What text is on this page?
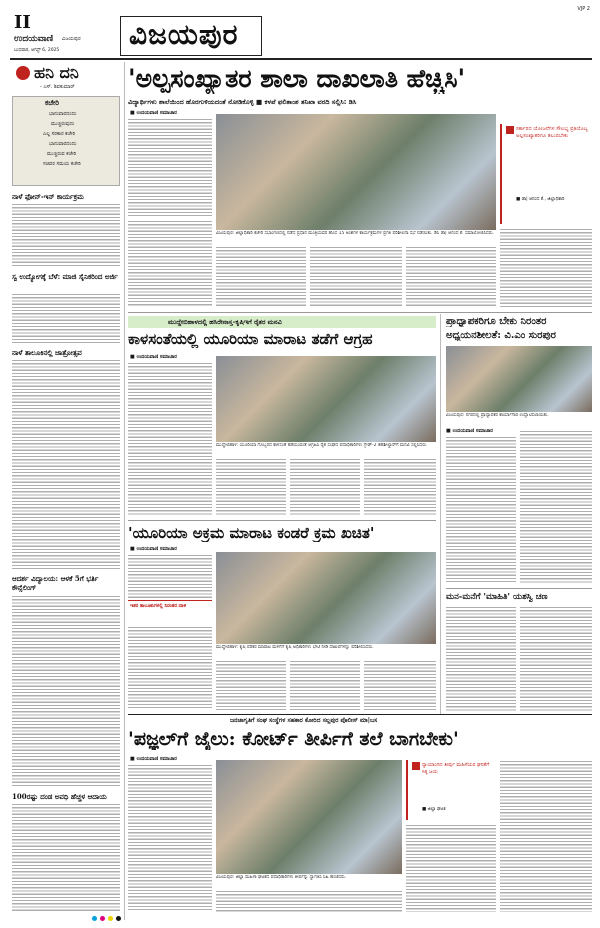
II
ಉದಯವಾಣಿ ವಿಜಯಪುರ
ಬುಧವಾರ, ಆಗಸ್ಟ್ 6, 2025 ವಿಜಯಪುರ
VJP 2
ಹನಿ ದನಿ
- ಎಸ್. ಶಿವಕುಮಾರ್
ಕಚೇರಿ
ಭಾನುವಾರದಂದು
ಮುಚ್ಚಿರುವುದು
ಎಲ್ಲ ಸರಕಾರ ಕಚೇರಿ
ಭಾನುವಾರದಂದು
ಮುಚ್ಚಿರುವ ಕಚೇರಿ
ಸಚಿವರ ಸಮಯ ಕಚೇರಿ
ನಾಳೆ ಫೋನ್-ಇನ್ ಕಾರ್ಯಕ್ರಮ
ಸ್ವ ಉದ್ಯೋಗಕ್ಕೆ ಬೆಳೆ: ಮಾಜಿ ಸೈನಿಕರಿಂದ ಅರ್ಜಿ
ನಾಳೆ ತಾಲೂಕಿನಲ್ಲಿ ಜಾತ್ರೋತ್ಸವ
ಆದರ್ಶ ವಿದ್ಯಾಲಯ: ಆಳಕೆ 5ಗೆ ಭರ್ತಿ ಕೌನ್ಸೆಲಿಂಗ್
100ರಷ್ಟು ದಂಡ ಅವಧಿ ಹೆಚ್ಚಳ ಆದಾಯ
'ಅಲ್ಪಸಂಖ್ಯಾತರ ಶಾಲಾ ದಾಖಲಾತಿ ಹೆಚ್ಚಿಸಿ'
ವಿದ್ಯಾರ್ಥಿಗಳು ಶಾಲೆಯಿಂದ ಹೊರಗುಳಿಯದಂತೆ ನೋಡಿಕೊಳ್ಳಿ ■ ಕಳಪೆ ಫಲಿತಾಂಶ ತನಿಖಾ ವರದಿ ಸಲ್ಲಿಸಿ: ಡಿಸಿ
■ ಉದಯವಾಣಿ ಸಮಾಚಾರ
ವಿಜಯಪುರ: ಜಿಲ್ಲಾಧಿಕಾರಿ ಕಚೇರಿ ಸಭಾಂಗಣದಲ್ಲಿ ನಡೆದ ಪ್ರಧಾನ ಮಂತ್ರಿಯವರ ಹೊಸ 15 ಅಂಶಗಳ ಕಾರ್ಯಕ್ರಮಗಳ ಪ್ರಗತಿ ಪರಿಶೀಲನಾ ಸಭೆ ನಡೆಯಿತು. ಡಿಸಿ ಡಾ| ಆನಂದ ಕೆ. ಸಮಾಲೋಚಿಸಿದರು.
ಸರ್ಕಾರದ ಯೋಜನೆಗಳ ಸೌಲಭ್ಯ ಪ್ರತಿಯೊಬ್ಬ ಅಲ್ಪಸಂಖ್ಯಾತರಿಗೂ ತಲುಪಬೇಕು
■ ಡಾ| ಆನಂದ ಕೆ., ಜಿಲ್ಲಾಧಿಕಾರಿ
ಮುದ್ದೇಬಿಹಾಳದಲ್ಲಿ ಹಸಿರೇನಾಸ್ತ-ಕೃಷಿಇಗೆ ರೈತರ ಮನವಿ
ಕಾಳಸಂತೆಯಲ್ಲಿ ಯೂರಿಯಾ ಮಾರಾಟ ತಡೆಗೆ ಆಗ್ರಹ
■ ಉದಯವಾಣಿ ಸಮಾಚಾರ
ಮುದ್ದೇಬಿಹಾಳ: ಯೂರಿಯಾ ಗೊಬ್ಬರದ ಕಾಳಸಂತೆ ತಡೆಯುವಂತೆ ಆಗ್ರಹಿಸಿ ರೈತ ಸಂಘದ ಪದಾಧಿಕಾರಿಗಳು ಗ್ರೇಡ್-2 ತಹಶೀಲ್ದಾರ್‌ಗೆ ಮನವಿ ಸಲ್ಲಿಸಿದರು.
'ಯೂರಿಯಾ ಅಕ್ರಮ ಮಾರಾಟ ಕಂಡರೆ ಕ್ರಮ ಖಚಿತ'
■ ಉದಯವಾಣಿ ಸಮಾಚಾರ
ಇತರ ತಾಲೂಕುಗಳಲ್ಲಿ ನಿರಂತರ ದಾಳಿ
ಮುದ್ದೇಬಿಹಾಳ: ಕೃಷಿ ಪರಿಕರ ಮಾರಾಟ ಮಳಿಗೆಗೆ ಕೃಷಿ ಅಧಿಕಾರಿಗಳು ಭೇಟಿ ನೀಡಿ ದಾಖಲೆಗಳನ್ನು ಪರಿಶೀಲಿಸಿದರು.
ಪ್ರಾಧ್ಯಾಪಕರಿಗೂ ಬೇಕು ನಿರಂತರ
ಅಧ್ಯಯನಶೀಲತೆ: ವಿ.ಎಂ ಸುರಪುರ
ವಿಜಯಪುರ: ನಗರದಲ್ಲಿ ಪ್ರಾಧ್ಯಾಪಕರ ಕಾರ್ಯಾಗಾರ ಉದ್ಘಾಟಿಸಲಾಯಿತು.
■ ಉದಯವಾಣಿ ಸಮಾಚಾರ
ಮನ-ಮನೆಗೆ 'ಮಾಹಿತಿ' ಯಶಸ್ವಿ ಚಣ
ಜನಜಾಗೃತಿಗೆ ಸಂಘ ಸಂಸ್ಥೆಗಳ ಸಹಕಾರ ಕೋರಿದ ಸಲ್ಲಪುರ ಪೊಲೀಸ್ ಮಾ|ಬಸ
'ಪಜ್ಞಲ್‌ಗೆ ಜೈಲು: ಕೋರ್ಟ್ ತೀರ್ಪಿಗೆ ತಲೆ ಬಾಗಬೇಕು'
■ ಉದಯವಾಣಿ ಸಮಾಚಾರ
ವಿಜಯಪುರ: ಜಿಲ್ಲಾ ಮಹಿಳಾ ಘಟಕದ ಪದಾಧಿಕಾರಿಗಳು ತೀರ್ಪನ್ನು ಸ್ವಾಗತಿಸಿ ಸಿಹಿ ಹಂಚಿದರು.
ನ್ಯಾಯಾಂಗದ ತೀರ್ಪು ಮಹಿಳೆಯರ ಘನತೆಗೆ ಸಿಕ್ಕ ಜಯ
■ ಜಿಲ್ಲಾ ಘಟಕ
